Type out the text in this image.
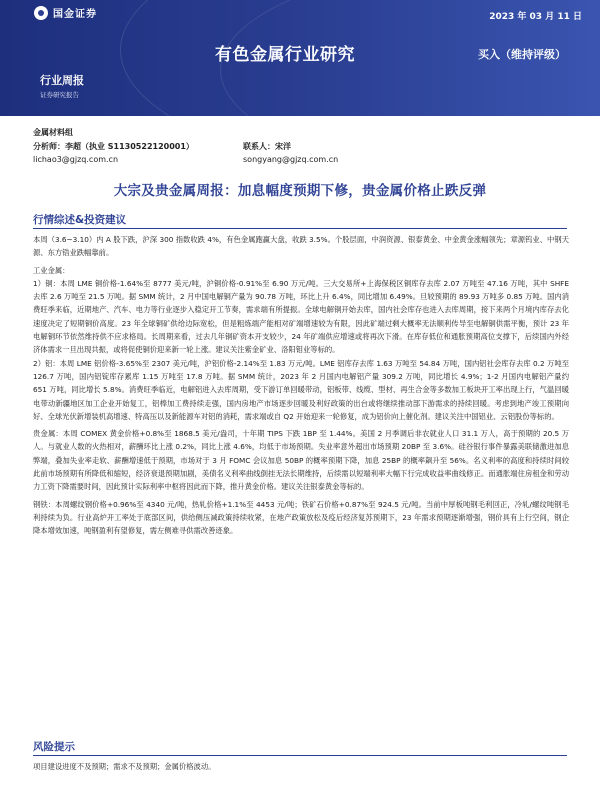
国金证券	2023 年 03 月 11 日
有色金属行业研究	买入（维持评级）
行业周报
证券研究报告
金属材料组
分析师：李超（执业 S1130522120001）	联系人：宋洋
lichao3@gjzq.com.cn	songyang@gjzq.com.cn
大宗及贵金属周报：加息幅度预期下修，贵金属价格止跌反弹
行情综述&投资建议

本周（3.6~3.10）内 A 股下跌，沪深 300 指数收跌 4%，有色金属跑赢大盘，收跌 3.5%。个股层面，中润资源、银泰黄金、中金黄金涨幅领先；章源钨业、中钢天源、东方锆业跌幅靠前。

工业金属：

1）铜：本周 LME 铜价格-1.64%至 8777 美元/吨，沪铜价格-0.91%至 6.90 万元/吨。三大交易所+上海保税区铜库存去库 2.07 万吨至 47.16 万吨，其中 SHFE 去库 2.6 万吨至 21.5 万吨。据 SMM 统计，2 月中国电解铜产量为 90.78 万吨，环比上升 6.4%，同比增加 6.49%。旦较预期的 89.93 万吨多 0.85 万吨。国内消费旺季来临，近期地产、汽车、电力等行业逐步入稳定开工节奏，需求端有所提振。全球电解铜开始去库，国内社会库存也进入去库周期，接下来两个月境内库存去化速度决定了短期铜价高度。23 年全球铜矿供给边际宽松，但是粗炼端产能相对矿端增速较为有限，因此矿端过剩大概率无法顺利传导至电解铜供需平衡，预计 23 年电解铜环节依然维持供不应求格局。长周期来看，过去几年铜矿资本开支较少，24 年矿端供应增速或将再次下滑。在库存低位和通胀预期高位支撑下，后续国内外经济体需求一旦出现共振，或将促使铜价迎来新一轮上涨。建议关注紫金矿业、洛阳钼业等标的。

2）铝：本周 LME 铝价格-3.65%至 2307 美元/吨，沪铝价格-2.14%至 1.83 万元/吨。LME 铝库存去库 1.63 万吨至 54.84 万吨，国内铝社会库存去库 0.2 万吨至 126.7 万吨，国内铝锭库存累库 1.15 万吨至 17.8 万吨。据 SMM 统计，2023 年 2 月国内电解铝产量 309.2 万吨，同比增长 4.9%；1-2 月国内电解铝产量约 651 万吨，同比增长 5.8%。消费旺季临近，电解铝进入去库周期，受下游订单回暖带动，铝板带、线缆、型材、再生合金等多数加工板块开工率出现上行，气温回暖电带动新疆地区加工企业开始复工，铝棒加工费持续走强，国内房地产市场逐步回暖及利好政策的出台或将继续推动部下游需求的持续回暖。考虑到地产竣工预期向好、全球光伏新增装机高增速、特高压以及新能源车对铝的消耗，需求端或自 Q2 开始迎来一轮修复，成为铝价向上催化剂。建议关注中国铝业、云铝股份等标的。

贵金属：本周 COMEX 黄金价格+0.8%至 1868.5 美元/盎司，十年期 TIPS 下跌 1BP 至 1.44%。美国 2 月季调后非农就业人口 31.1 万人，高于预期的 20.5 万人。与就业人数的火热相对，薪酬环比上涨 0.2%，同比上涨 4.6%，均低于市场预期。失业率意外超出市场预期 20BP 至 3.6%。硅谷银行事件暴露美联储激进加息弊端，叠加失业率走软、薪酬增速低于预期，市场对于 3 月 FOMC 会议加息 50BP 的概率预期下降，加息 25BP 的概率飙升至 56%。名义利率的高度和持续时间较此前市场预期有所降低和缩短，经济衰退预期加剧，美债名义利率曲线倒挂无法长期维持，后续需以短端利率大幅下行完成收益率曲线修正。而通胀端住房租金和劳动力工资下降需要时间，因此预计实际利率中枢将因此而下降，推升黄金价格。建议关注银泰黄金等标的。

钢铁：本周螺纹钢价格+0.96%至 4340 元/吨，热轧价格+1.1%至 4453 元/吨；铁矿石价格+0.87%至 924.5 元/吨。当前中厚板吨钢毛利回正，冷轧/螺纹吨钢毛利持续为负。行业高炉开工率处于底部区间，供给侧压减政策持续收紧，在地产政策放松及疫后经济复苏预期下，23 年需求预期逐渐增强，钢价具有上行空间，钢企降本增效加速，吨钢盈利有望修复，需左侧难寻供需改善迹象。

风险提示

项目建设进度不及预期；需求不及预期；金属价格波动。
